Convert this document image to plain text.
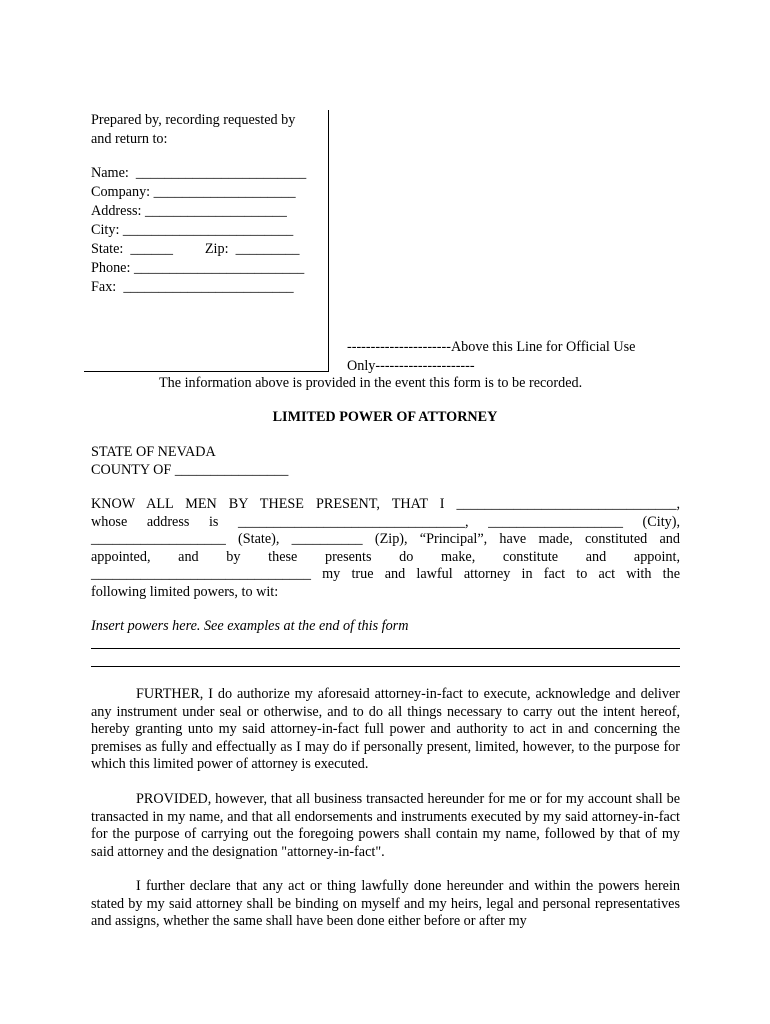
Prepared by, recording requested by
and return to:
Name:  ________________________
Company: ____________________
Address: ____________________
City: ________________________
State:  ______         Zip:  _________
Phone: ________________________
Fax:  ________________________
----------------------Above this Line for Official Use
Only---------------------
The information above is provided in the event this form is to be recorded.
LIMITED POWER OF ATTORNEY
STATE OF NEVADA
COUNTY OF ________________
KNOW ALL MEN BY THESE PRESENT, THAT I _______________________________,
whose address is ________________________________, ___________________ (City),
___________________ (State), __________ (Zip), “Principal”, have made, constituted and
appointed, and by these presents do make, constitute and appoint,
_______________________________ my true and lawful attorney in fact to act with the
following limited powers, to wit:
Insert powers here. See examples at the end of this form
FURTHER, I do authorize my aforesaid attorney-in-fact to execute, acknowledge and deliver any instrument under seal or otherwise, and to do all things necessary to carry out the intent hereof, hereby granting unto my said attorney-in-fact full power and authority to act in and concerning the premises as fully and effectually as I may do if personally present, limited, however, to the purpose for which this limited power of attorney is executed.
PROVIDED, however, that all business transacted hereunder for me or for my account shall be transacted in my name, and that all endorsements and instruments executed by my said attorney-in-fact for the purpose of carrying out the foregoing powers shall contain my name, followed by that of my said attorney and the designation "attorney-in-fact".
I further declare that any act or thing lawfully done hereunder and within the powers herein stated by my said attorney shall be binding on myself and my heirs, legal and personal representatives and assigns, whether the same shall have been done either before or after my
